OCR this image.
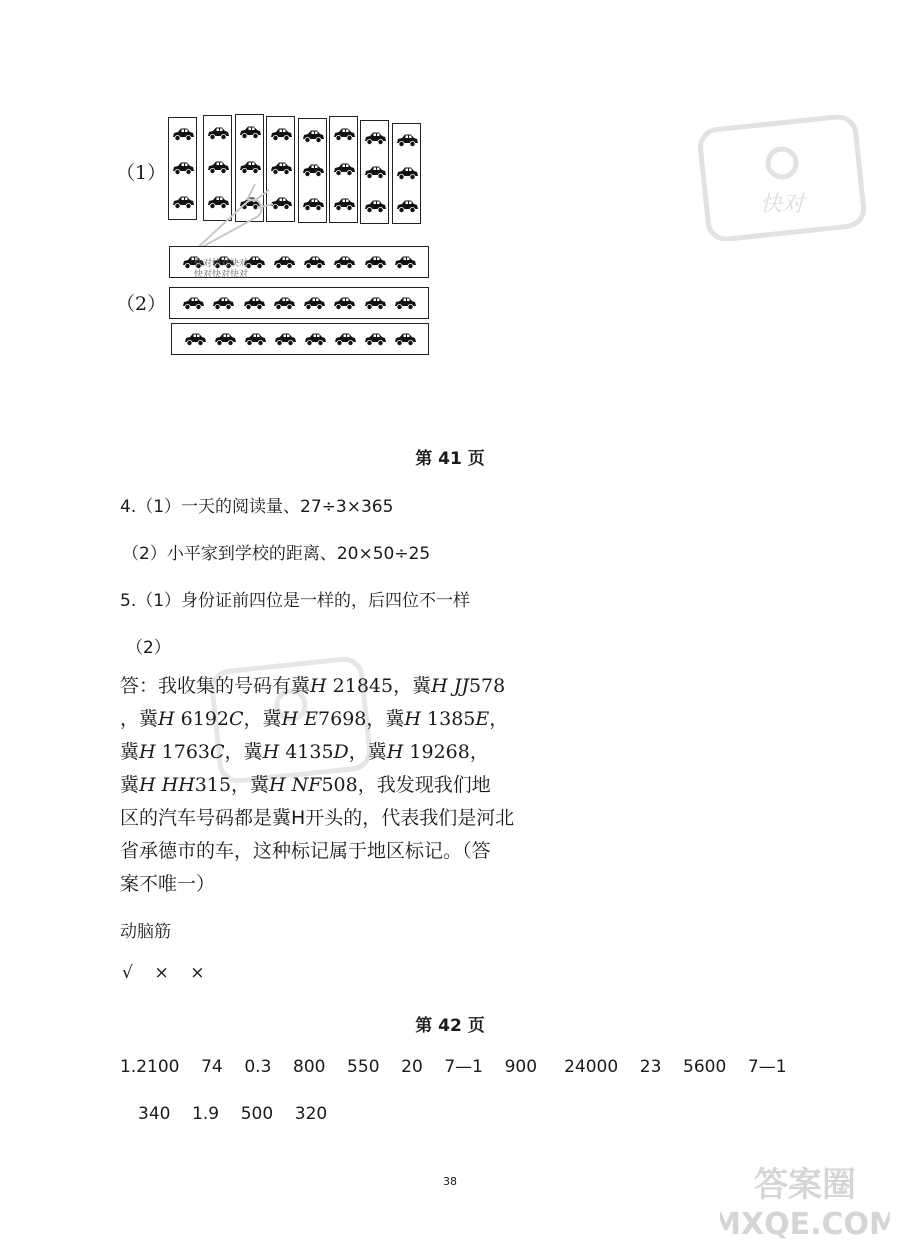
快对
（1）
（2）
快对快对快对
快对快对快对
第 41 页
4.（1）一天的阅读量、27÷3×365
（2）小平家到学校的距离、20×50÷25
5.（1）身份证前四位是一样的，后四位不一样
（2）
答：我收集的号码有冀H 21845，冀H JJ578
，冀H 6192C，冀H E7698，冀H 1385E，
冀H 1763C，冀H 4135D，冀H 19268，
冀H HH315，冀H NF508，我发现我们地
区的汽车号码都是冀H开头的，代表我们是河北
省承德市的车，这种标记属于地区标记。（答
案不唯一）
动脑筋
√    ×    ×
第 42 页
1.2100    74    0.3    800    550    20    7—1    900     24000    23    5600    7—1
340    1.9    500    320
38	答案圈
MXQE.COM
